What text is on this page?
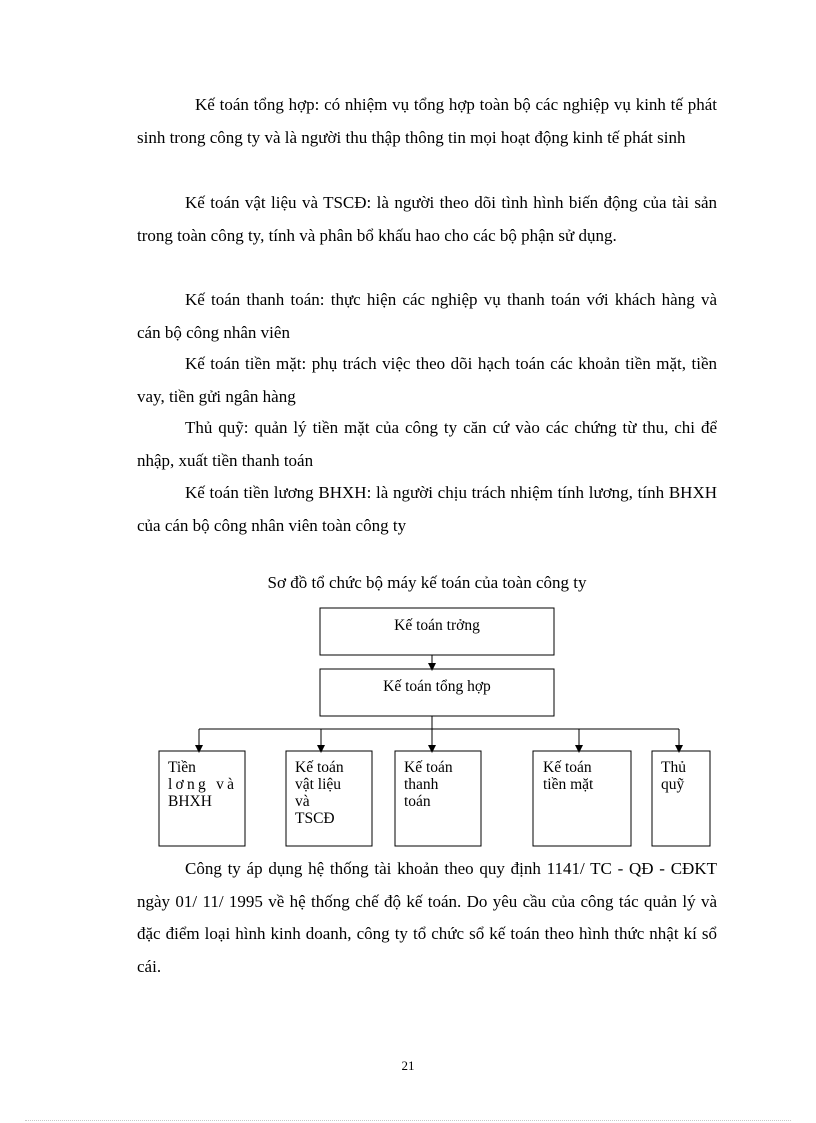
Kế toán tổng hợp: có nhiệm vụ tổng hợp toàn bộ các nghiệp vụ kinh tế phát sinh trong công ty và là người thu thập thông tin mọi hoạt động kinh tế phát sinh

Kế toán vật liệu và TSCĐ: là người theo dõi tình hình biến động của tài sản trong toàn công ty, tính và phân bổ khấu hao cho các bộ phận sử dụng.

Kế toán thanh toán: thực hiện các nghiệp vụ thanh toán với khách hàng và cán bộ công nhân viên

Kế toán tiền mặt: phụ trách việc theo dõi hạch toán các khoản tiền mặt, tiền vay, tiền gửi ngân hàng

Thủ quỹ: quản lý tiền mặt của công ty căn cứ vào các chứng từ thu, chi để nhập, xuất tiền thanh toán

Kế toán tiền lương BHXH: là người chịu trách nhiệm tính lương, tính BHXH của cán bộ công nhân viên toàn công ty

Sơ đồ tổ chức bộ máy kế toán của toàn công ty
Kế toán trởng
Kế toán tổng hợp
Tiền lơng và BHXH
Kế toán vật liệu và TSCĐ
Kế toán thanh toán
Kế toán tiền mặt
Thủ quỹ

Công ty áp dụng hệ thống tài khoản theo quy định 1141/ TC - QĐ - CĐKT ngày 01/ 11/ 1995 về hệ thống chế độ kế toán. Do yêu cầu của công tác quản lý và đặc điểm loại hình kinh doanh, công ty tổ chức sổ kế toán theo hình thức nhật kí sổ cái.

21
